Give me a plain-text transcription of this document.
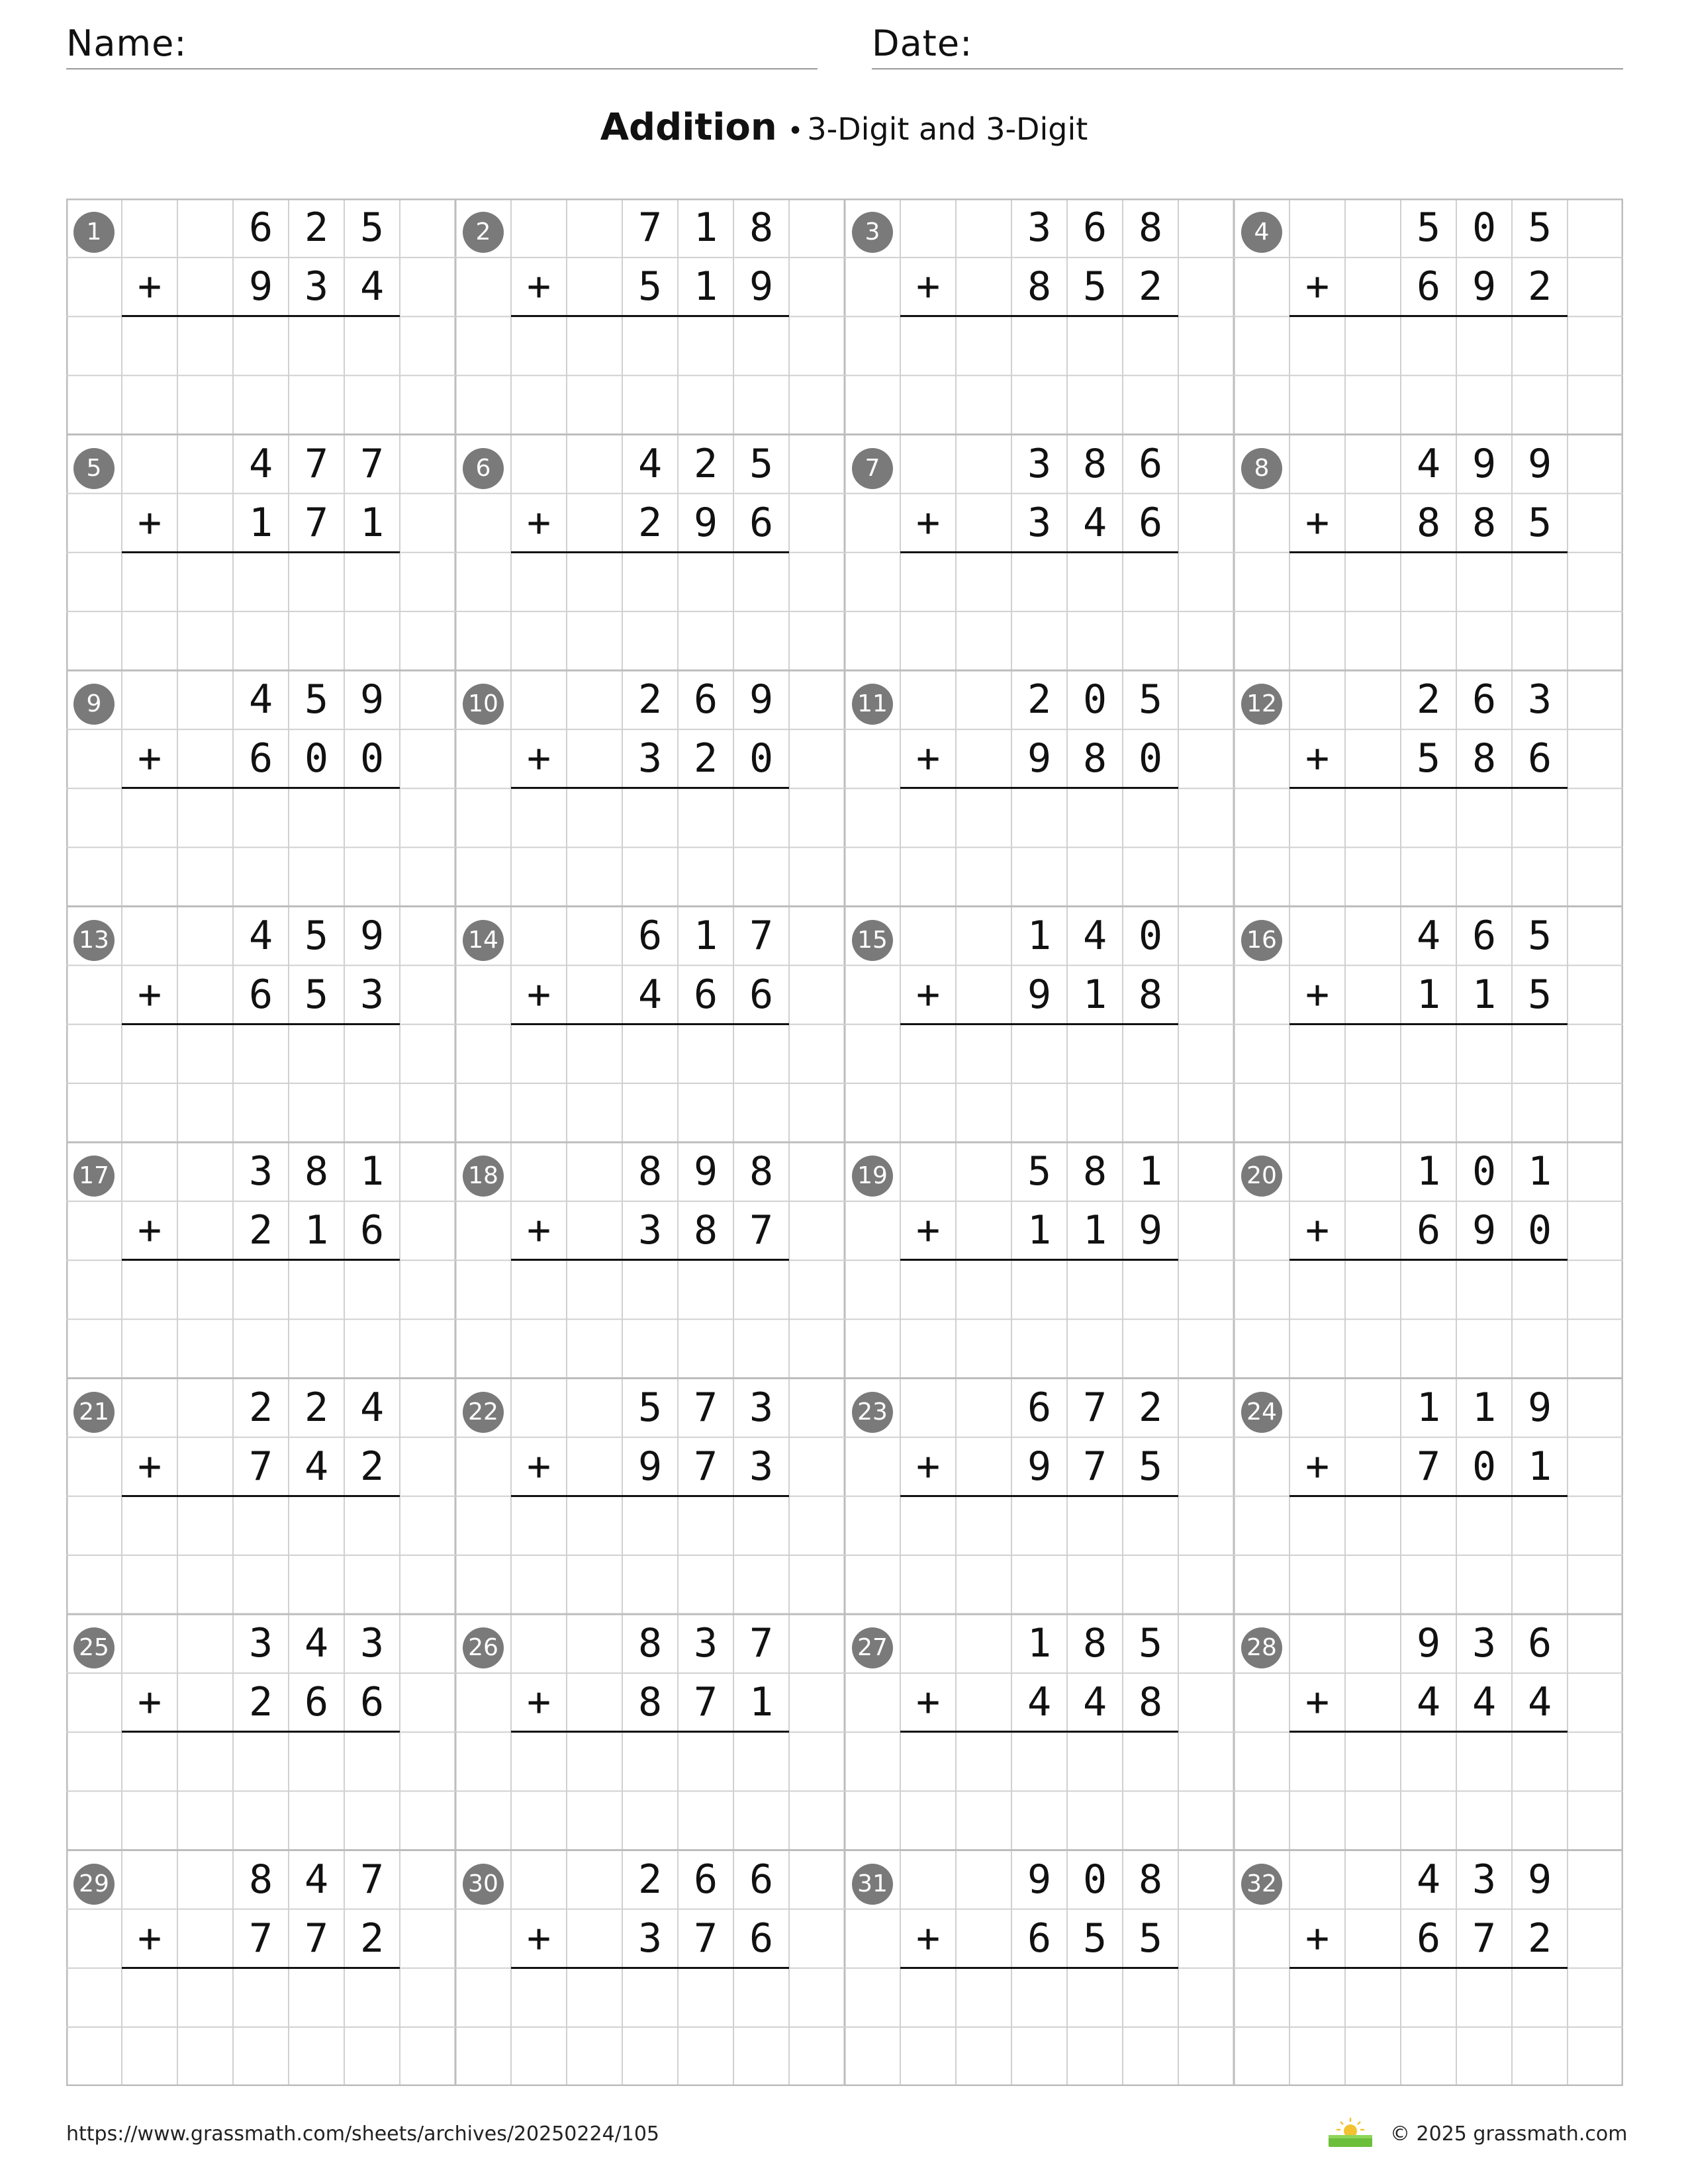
Name:	Date:
Addition • 3-Digit and 3-Digit
1	6 2 5
9 3 4
+
2	7 1 8
5 1 9
+
3	3 6 8
8 5 2
+
4	5 0 5
6 9 2
+
5	4 7 7
1 7 1
+
6	4 2 5
2 9 6
+
7	3 8 6
3 4 6
+
8	4 9 9
8 8 5
+
9	4 5 9
6 0 0
+
10	2 6 9
3 2 0
+
11	2 0 5
9 8 0
+
12	2 6 3
5 8 6
+
13	4 5 9
6 5 3
+
14	6 1 7
4 6 6
+
15	1 4 0
9 1 8
+
16	4 6 5
1 1 5
+
17	3 8 1
2 1 6
+
18	8 9 8
3 8 7
+
19	5 8 1
1 1 9
+
20	1 0 1
6 9 0
+
21	2 2 4
7 4 2
+
22	5 7 3
9 7 3
+
23	6 7 2
9 7 5
+
24	1 1 9
7 0 1
+
25	3 4 3
2 6 6
+
26	8 3 7
8 7 1
+
27	1 8 5
4 4 8
+
28	9 3 6
4 4 4
+
29	8 4 7
7 7 2
+
30	2 6 6
3 7 6
+
31	9 0 8
6 5 5
+
32	4 3 9
6 7 2
+
https://www.grassmath.com/sheets/archives/20250224/105	© 2025 grassmath.com
